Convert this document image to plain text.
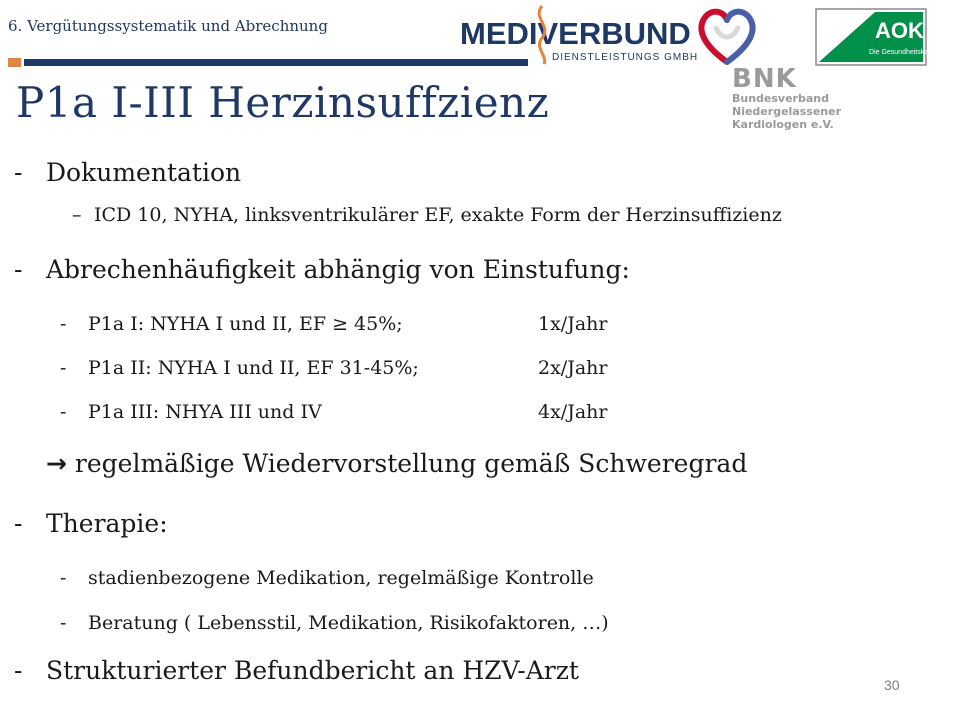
6. Vergütungssystematik und Abrechnung	MEDIVERBUND
DIENSTLEISTUNGS GMBH
AOK
Die Gesundheitskasse.
BNK
Bundesverband
Niedergelassener
Kardiologen e.V.
P1a I-III Herzinsuffzienz
- Dokumentation
– ICD 10, NYHA, linksventrikulärer EF, exakte Form der Herzinsuffizienz
- Abrechenhäufigkeit abhängig von Einstufung:
- P1a I: NYHA I und II, EF ≥ 45%;	1x/Jahr
- P1a II: NYHA I und II, EF 31-45%;	2x/Jahr
- P1a III: NHYA III und IV	4x/Jahr
→ regelmäßige Wiedervorstellung gemäß Schweregrad
- Therapie:
- stadienbezogene Medikation, regelmäßige Kontrolle
- Beratung ( Lebensstil, Medikation, Risikofaktoren, …)
- Strukturierter Befundbericht an HZV-Arzt	30
